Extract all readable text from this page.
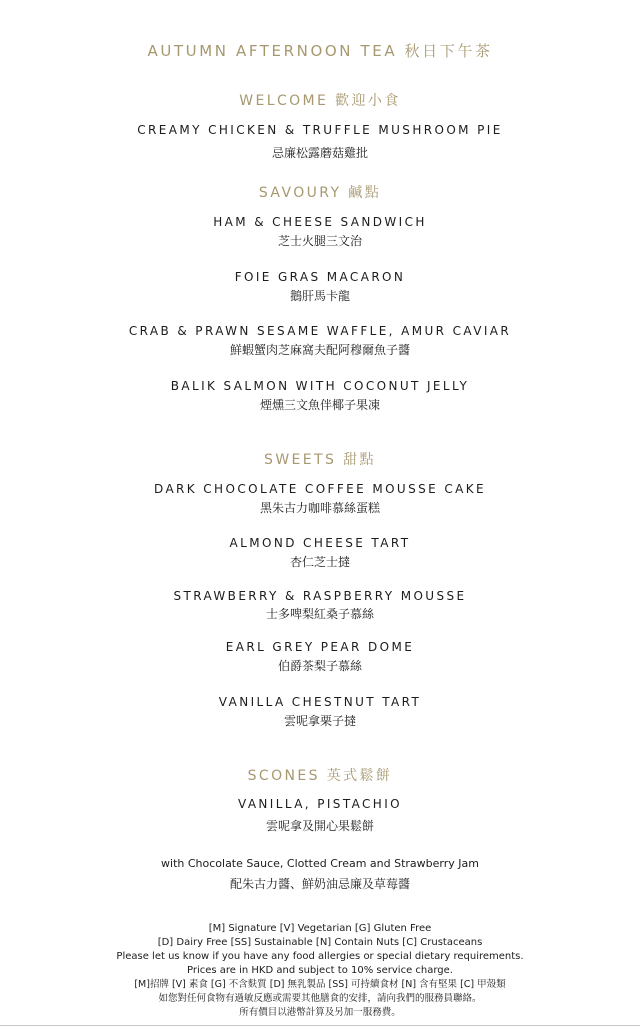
AUTUMN AFTERNOON TEA 秋日下午茶
WELCOME 歡迎小食
CREAMY CHICKEN & TRUFFLE MUSHROOM PIE
忌廉松露蘑菇雞批
SAVOURY 鹹點
HAM & CHEESE SANDWICH
芝士火腿三文治
FOIE GRAS MACARON
鵝肝馬卡龍
CRAB & PRAWN SESAME WAFFLE, AMUR CAVIAR
鮮蝦蟹肉芝麻窩夫配阿穆爾魚子醬
BALIK SALMON WITH COCONUT JELLY
煙燻三文魚伴椰子果凍
SWEETS 甜點
DARK CHOCOLATE COFFEE MOUSSE CAKE
黑朱古力咖啡慕絲蛋糕
ALMOND CHEESE TART
杏仁芝士撻
STRAWBERRY & RASPBERRY MOUSSE
士多啤梨紅桑子慕絲
EARL GREY PEAR DOME
伯爵茶梨子慕絲
VANILLA CHESTNUT TART
雲呢拿栗子撻
SCONES 英式鬆餅
VANILLA, PISTACHIO
雲呢拿及開心果鬆餅
with Chocolate Sauce, Clotted Cream and Strawberry Jam
配朱古力醬、鮮奶油忌廉及草莓醬
[M] Signature [V] Vegetarian [G] Gluten Free
[D] Dairy Free [SS] Sustainable [N] Contain Nuts [C] Crustaceans
Please let us know if you have any food allergies or special dietary requirements.
Prices are in HKD and subject to 10% service charge.
[M]招牌 [V] 素食 [G] 不含麩質 [D] 無乳製品 [SS] 可持續食材 [N] 含有堅果 [C] 甲殼類
如您對任何食物有過敏反應或需要其他膳食的安排，請向我們的服務員聯絡。
所有價目以港幣計算及另加一服務費。
